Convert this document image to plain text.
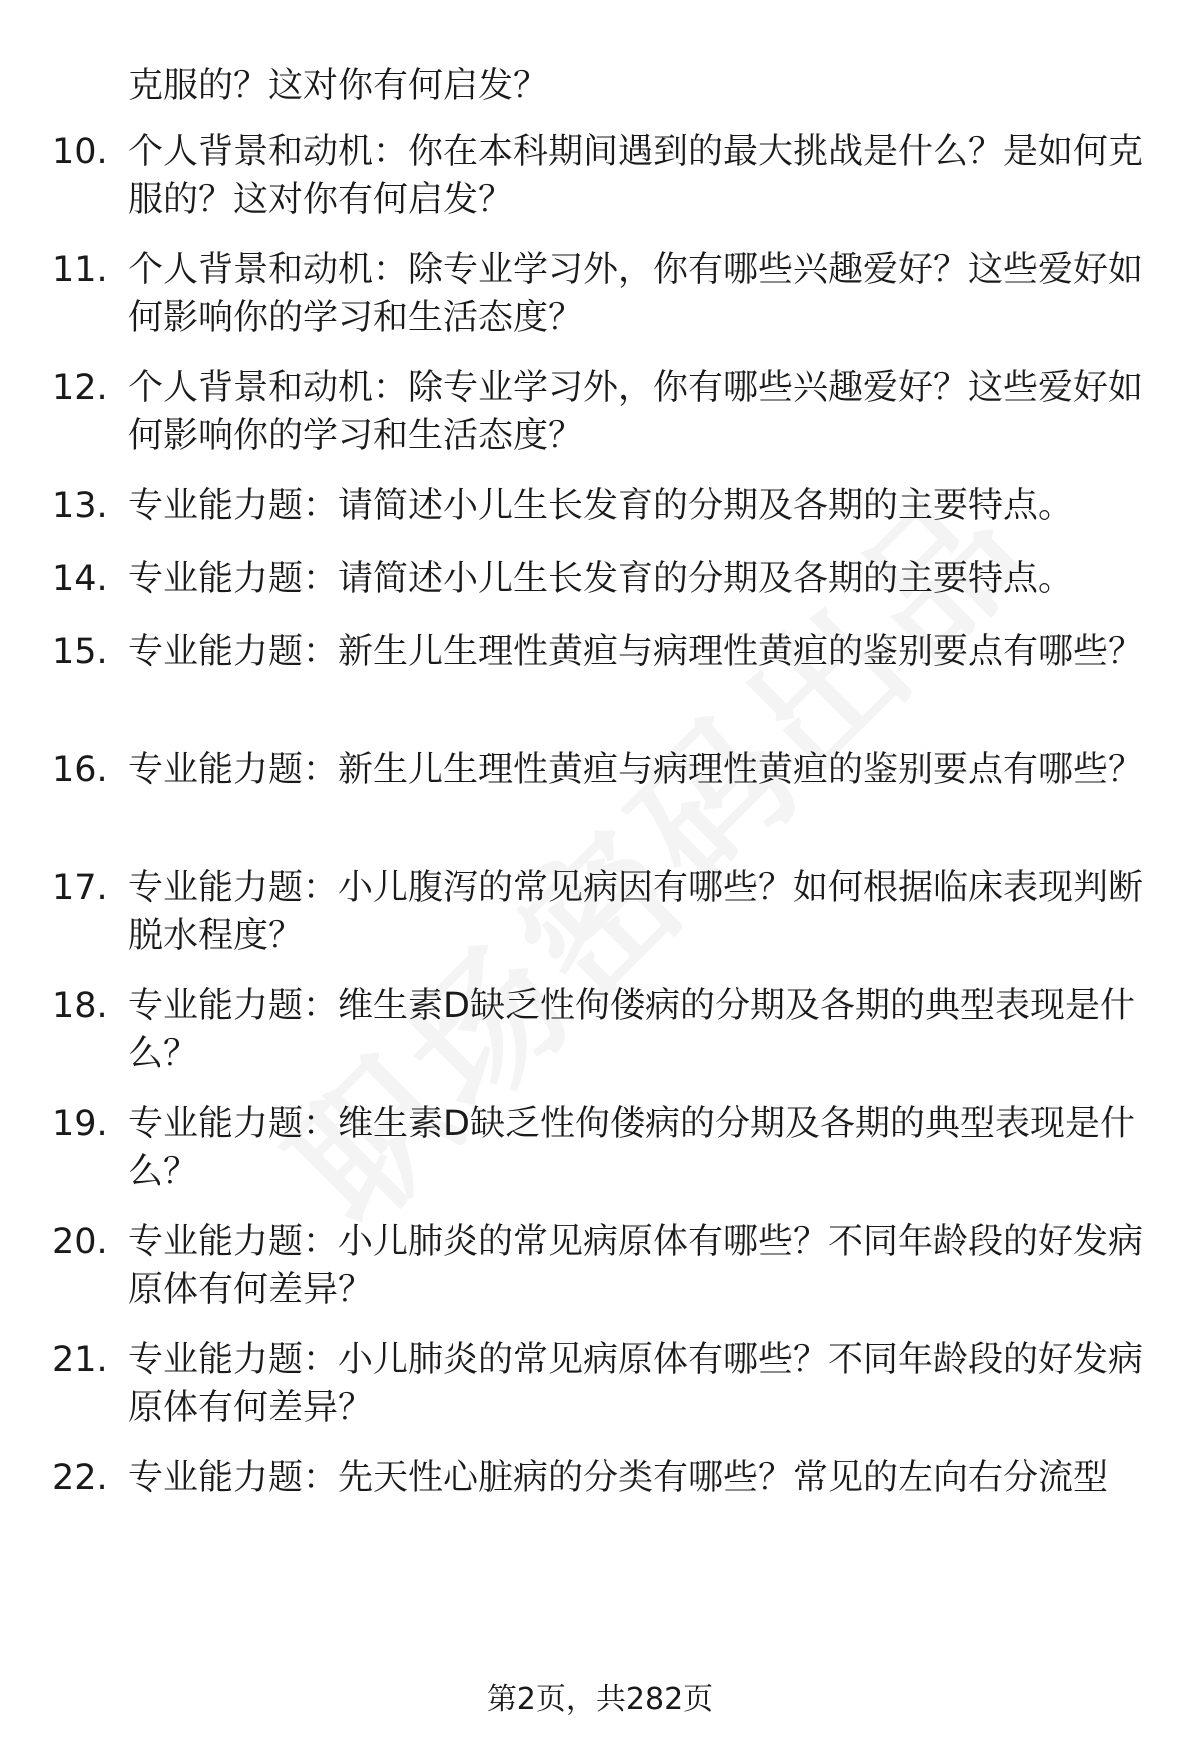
克服的？这对你有何启发？
10. 个人背景和动机：你在本科期间遇到的最大挑战是什么？是如何克服的？这对你有何启发？
11. 个人背景和动机：除专业学习外，你有哪些兴趣爱好？这些爱好如何影响你的学习和生活态度？
12. 个人背景和动机：除专业学习外，你有哪些兴趣爱好？这些爱好如何影响你的学习和生活态度？
13. 专业能力题：请简述小儿生长发育的分期及各期的主要特点。
14. 专业能力题：请简述小儿生长发育的分期及各期的主要特点。
15. 专业能力题：新生儿生理性黄疸与病理性黄疸的鉴别要点有哪些？
16. 专业能力题：新生儿生理性黄疸与病理性黄疸的鉴别要点有哪些？
17. 专业能力题：小儿腹泻的常见病因有哪些？如何根据临床表现判断脱水程度？
18. 专业能力题：维生素D缺乏性佝偻病的分期及各期的典型表现是什么？
19. 专业能力题：维生素D缺乏性佝偻病的分期及各期的典型表现是什么？
20. 专业能力题：小儿肺炎的常见病原体有哪些？不同年龄段的好发病原体有何差异？
21. 专业能力题：小儿肺炎的常见病原体有哪些？不同年龄段的好发病原体有何差异？
22. 专业能力题：先天性心脏病的分类有哪些？常见的左向右分流型
第2页，共282页
